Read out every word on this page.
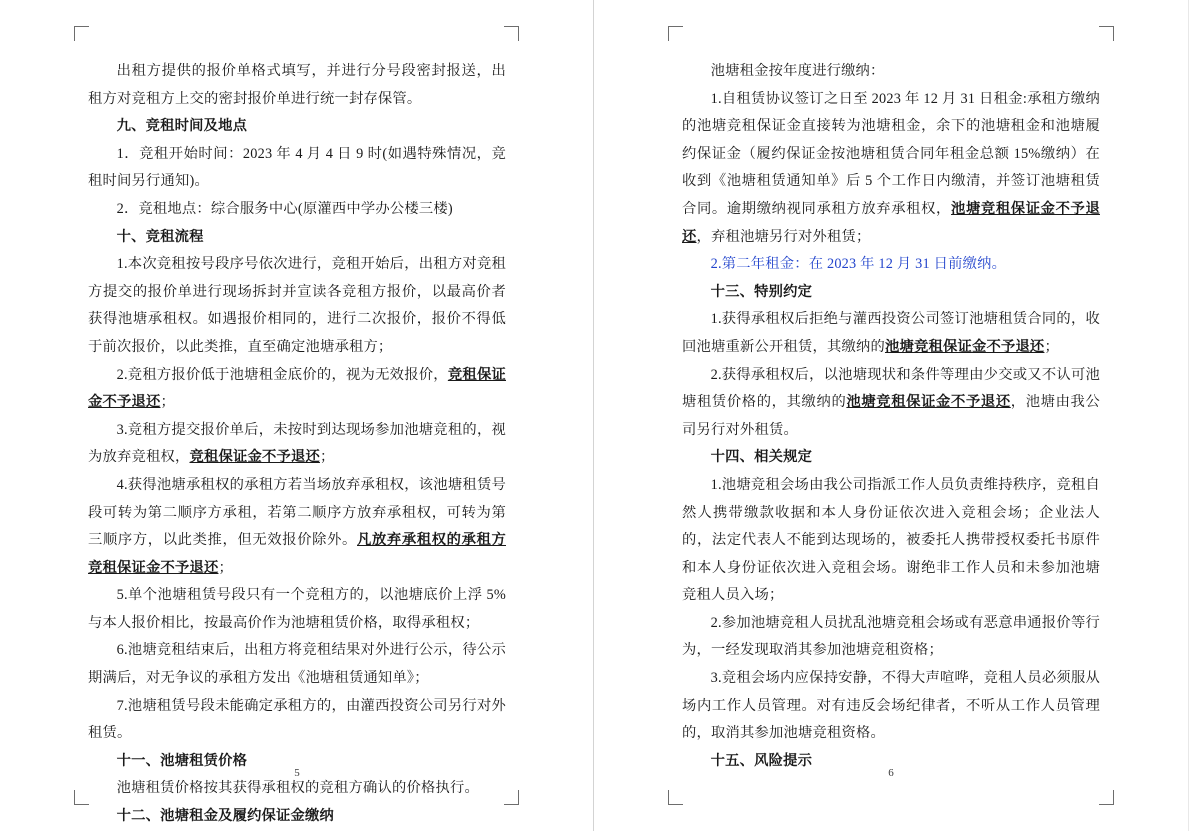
出租方提供的报价单格式填写，并进行分号段密封报送，出租方对竞租方上交的密封报价单进行统一封存保管。

九、竞租时间及地点

1．竞租开始时间：2023 年 4 月 4 日 9 时(如遇特殊情况，竞租时间另行通知)。

2．竞租地点：综合服务中心(原灌西中学办公楼三楼)

十、竞租流程

1.本次竞租按号段序号依次进行，竞租开始后，出租方对竞租方提交的报价单进行现场拆封并宣读各竞租方报价，以最高价者获得池塘承租权。如遇报价相同的，进行二次报价，报价不得低于前次报价，以此类推，直至确定池塘承租方；

2.竞租方报价低于池塘租金底价的，视为无效报价，竞租保证金不予退还；

3.竞租方提交报价单后，未按时到达现场参加池塘竞租的，视为放弃竞租权，竞租保证金不予退还；

4.获得池塘承租权的承租方若当场放弃承租权，该池塘租赁号段可转为第二顺序方承租，若第二顺序方放弃承租权，可转为第三顺序方，以此类推，但无效报价除外。凡放弃承租权的承租方竞租保证金不予退还；

5.单个池塘租赁号段只有一个竞租方的，以池塘底价上浮 5%与本人报价相比，按最高价作为池塘租赁价格，取得承租权；

6.池塘竞租结束后，出租方将竞租结果对外进行公示，待公示期满后，对无争议的承租方发出《池塘租赁通知单》；

7.池塘租赁号段未能确定承租方的，由灌西投资公司另行对外租赁。

十一、池塘租赁价格

池塘租赁价格按其获得承租权的竞租方确认的价格执行。

十二、池塘租金及履约保证金缴纳

5

池塘租金按年度进行缴纳：

1.自租赁协议签订之日至 2023 年 12 月 31 日租金:承租方缴纳的池塘竞租保证金直接转为池塘租金，余下的池塘租金和池塘履约保证金（履约保证金按池塘租赁合同年租金总额 15%缴纳）在收到《池塘租赁通知单》后 5 个工作日内缴清，并签订池塘租赁合同。逾期缴纳视同承租方放弃承租权，池塘竞租保证金不予退还，弃租池塘另行对外租赁；

2.第二年租金：在 2023 年 12 月 31 日前缴纳。

十三、特别约定

1.获得承租权后拒绝与灌西投资公司签订池塘租赁合同的，收回池塘重新公开租赁，其缴纳的池塘竞租保证金不予退还；

2.获得承租权后，以池塘现状和条件等理由少交或又不认可池塘租赁价格的，其缴纳的池塘竞租保证金不予退还，池塘由我公司另行对外租赁。

十四、相关规定

1.池塘竞租会场由我公司指派工作人员负责维持秩序，竞租自然人携带缴款收据和本人身份证依次进入竞租会场；企业法人的，法定代表人不能到达现场的，被委托人携带授权委托书原件和本人身份证依次进入竞租会场。谢绝非工作人员和未参加池塘竞租人员入场；

2.参加池塘竞租人员扰乱池塘竞租会场或有恶意串通报价等行为，一经发现取消其参加池塘竞租资格；

3.竞租会场内应保持安静，不得大声喧哗，竞租人员必须服从场内工作人员管理。对有违反会场纪律者，不听从工作人员管理的，取消其参加池塘竞租资格。

十五、风险提示

6
